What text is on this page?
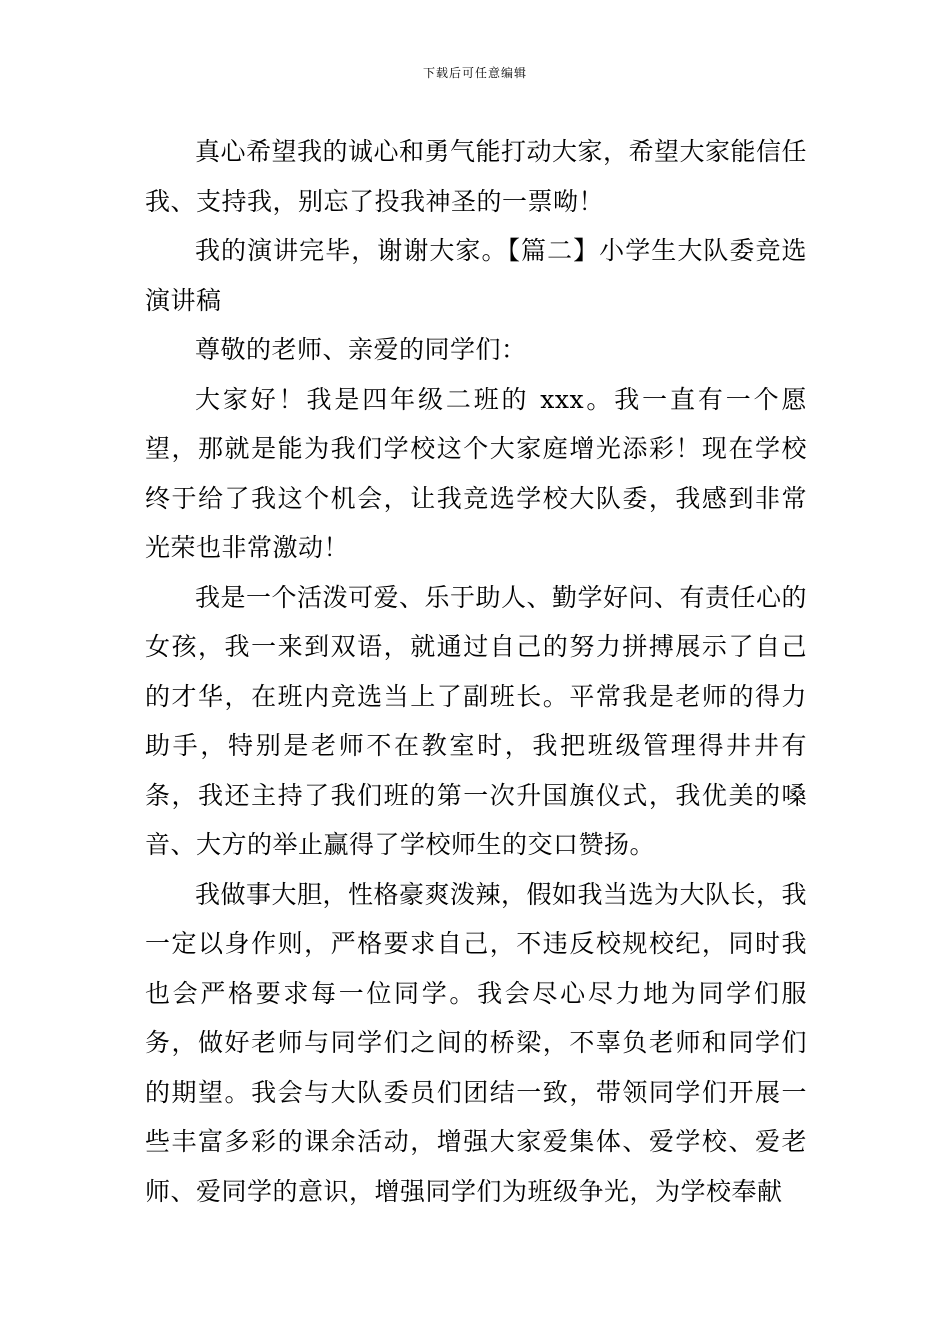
下载后可任意编辑

真心希望我的诚心和勇气能打动大家，希望大家能信任我、支持我，别忘了投我神圣的一票呦！

我的演讲完毕，谢谢大家。【篇二】小学生大队委竞选演讲稿

尊敬的老师、亲爱的同学们：

大家好！我是四年级二班的 xxx。我一直有一个愿望，那就是能为我们学校这个大家庭增光添彩！现在学校终于给了我这个机会，让我竞选学校大队委，我感到非常光荣也非常激动！

我是一个活泼可爱、乐于助人、勤学好问、有责任心的女孩，我一来到双语，就通过自己的努力拼搏展示了自己的才华，在班内竞选当上了副班长。平常我是老师的得力助手，特别是老师不在教室时，我把班级管理得井井有条，我还主持了我们班的第一次升国旗仪式，我优美的嗓音、大方的举止赢得了学校师生的交口赞扬。

我做事大胆，性格豪爽泼辣，假如我当选为大队长，我一定以身作则，严格要求自己，不违反校规校纪，同时我也会严格要求每一位同学。我会尽心尽力地为同学们服务，做好老师与同学们之间的桥梁，不辜负老师和同学们的期望。我会与大队委员们团结一致，带领同学们开展一些丰富多彩的课余活动，增强大家爱集体、爱学校、爱老师、爱同学的意识，增强同学们为班级争光，为学校奉献
